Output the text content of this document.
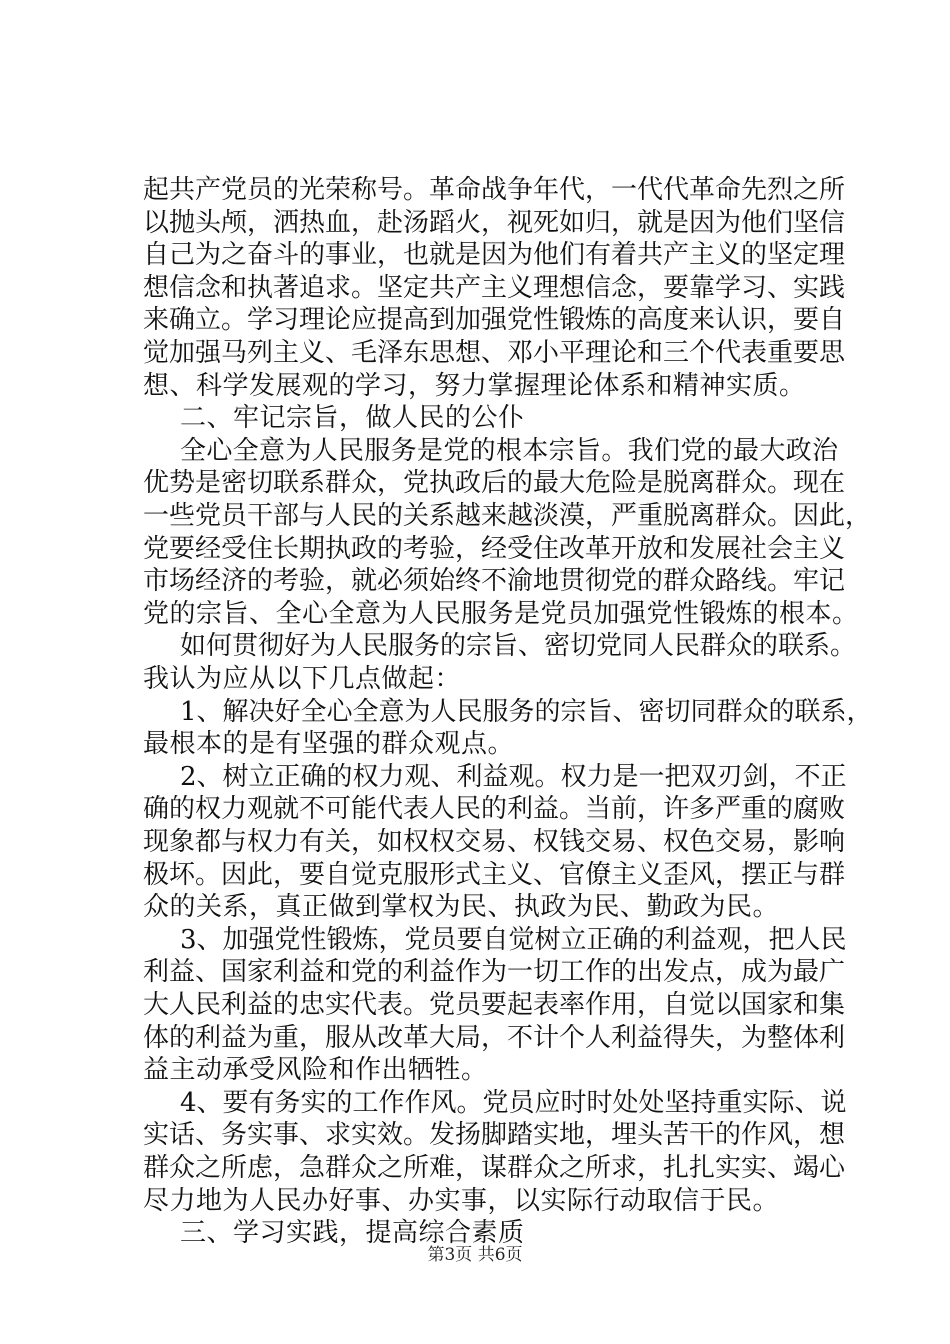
起共产党员的光荣称号。革命战争年代，一代代革命先烈之所
以抛头颅，洒热血，赴汤蹈火，视死如归，就是因为他们坚信
自己为之奋斗的事业，也就是因为他们有着共产主义的坚定理
想信念和执著追求。坚定共产主义理想信念，要靠学习、实践
来确立。学习理论应提高到加强党性锻炼的高度来认识，要自
觉加强马列主义、毛泽东思想、邓小平理论和三个代表重要思
想、科学发展观的学习，努力掌握理论体系和精神实质。
二、牢记宗旨，做人民的公仆
全心全意为人民服务是党的根本宗旨。我们党的最大政治
优势是密切联系群众，党执政后的最大危险是脱离群众。现在
一些党员干部与人民的关系越来越淡漠，严重脱离群众。因此，
党要经受住长期执政的考验，经受住改革开放和发展社会主义
市场经济的考验，就必须始终不渝地贯彻党的群众路线。牢记
党的宗旨、全心全意为人民服务是党员加强党性锻炼的根本。
如何贯彻好为人民服务的宗旨、密切党同人民群众的联系。
我认为应从以下几点做起：
1、解决好全心全意为人民服务的宗旨、密切同群众的联系，
最根本的是有坚强的群众观点。
2、树立正确的权力观、利益观。权力是一把双刃剑，不正
确的权力观就不可能代表人民的利益。当前，许多严重的腐败
现象都与权力有关，如权权交易、权钱交易、权色交易，影响
极坏。因此，要自觉克服形式主义、官僚主义歪风，摆正与群
众的关系，真正做到掌权为民、执政为民、勤政为民。
3、加强党性锻炼，党员要自觉树立正确的利益观，把人民
利益、国家利益和党的利益作为一切工作的出发点，成为最广
大人民利益的忠实代表。党员要起表率作用，自觉以国家和集
体的利益为重，服从改革大局，不计个人利益得失，为整体利
益主动承受风险和作出牺牲。
4、要有务实的工作作风。党员应时时处处坚持重实际、说
实话、务实事、求实效。发扬脚踏实地，埋头苦干的作风，想
群众之所虑，急群众之所难，谋群众之所求，扎扎实实、竭心
尽力地为人民办好事、办实事，以实际行动取信于民。
三、学习实践，提高综合素质
第3页 共6页
